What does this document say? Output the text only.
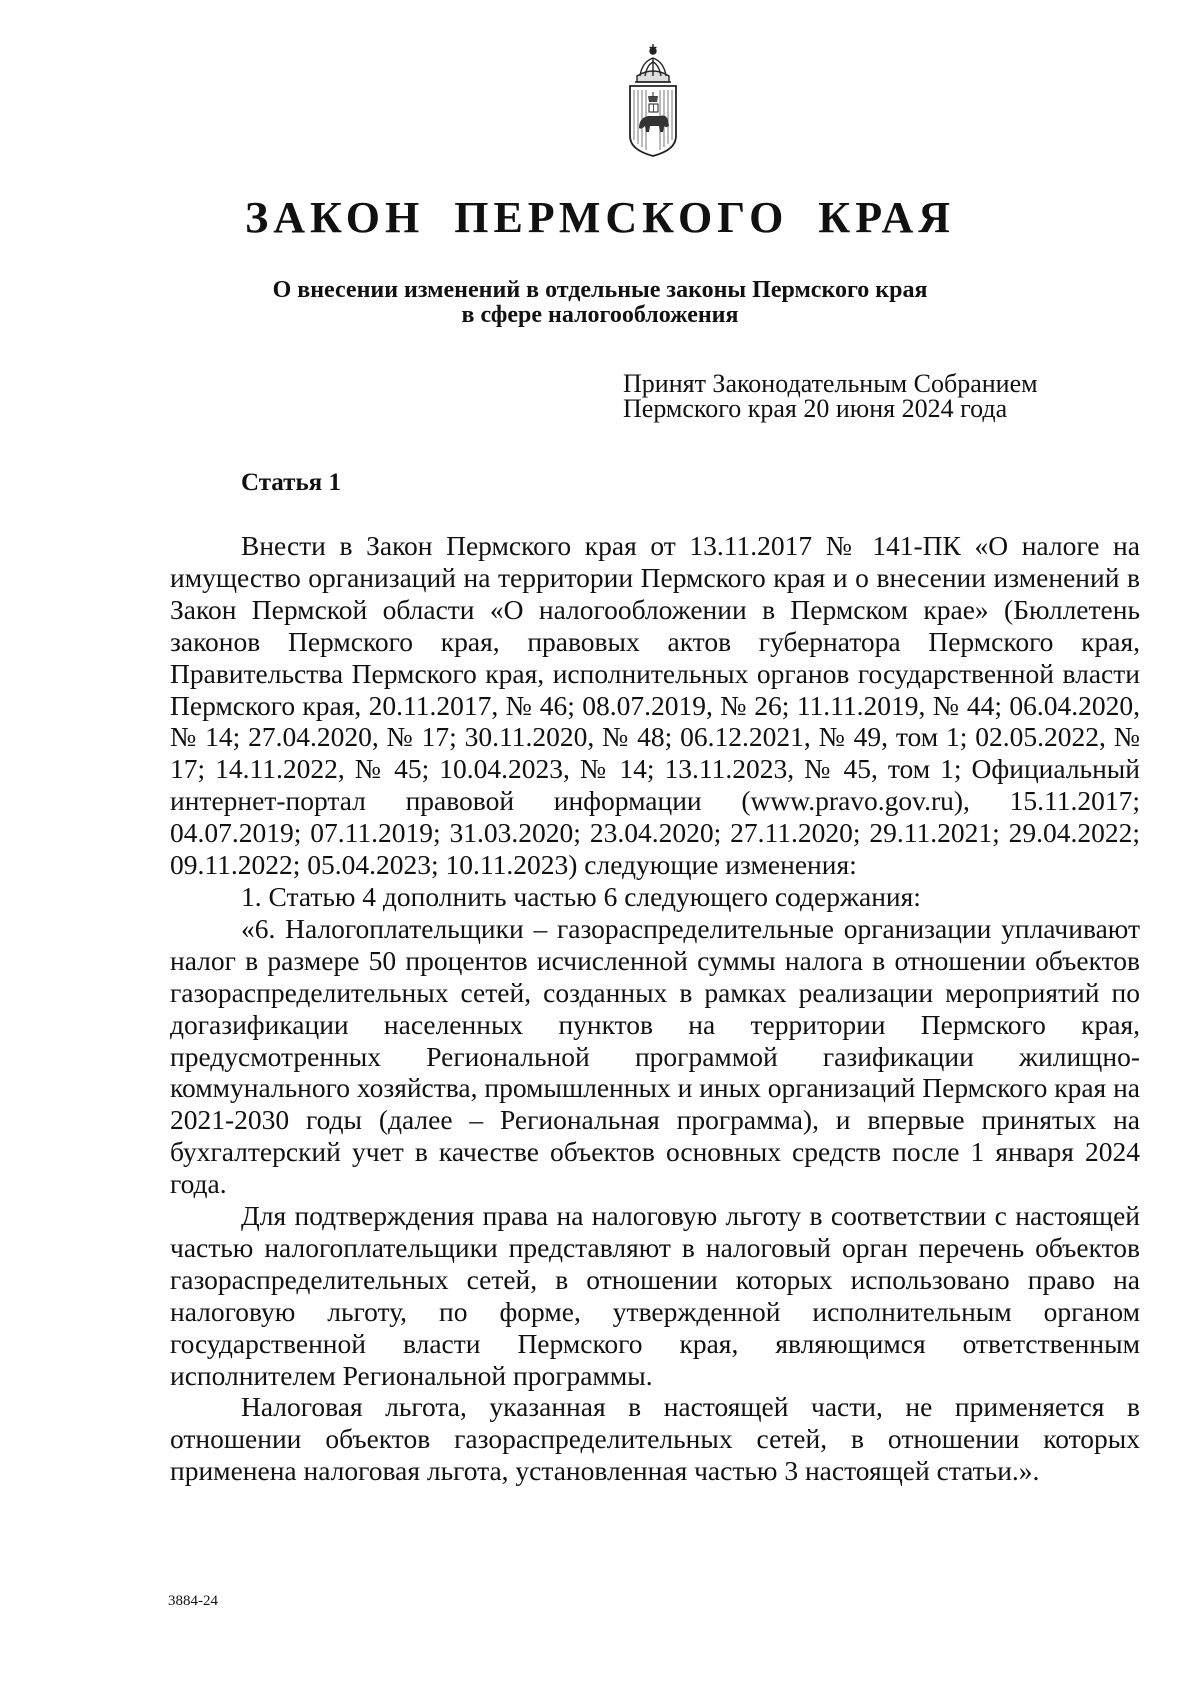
ЗАКОН ПЕРМСКОГО КРАЯ
О внесении изменений в отдельные законы Пермского края
в сфере налогообложения
Принят Законодательным Собранием
Пермского края 20 июня 2024 года
Статья 1

Внести в Закон Пермского края от 13.11.2017 № 141-ПК «О налоге на имущество организаций на территории Пермского края и о внесении изменений в Закон Пермской области «О налогообложении в Пермском крае» (Бюллетень законов Пермского края, правовых актов губернатора Пермского края, Правительства Пермского края, исполнительных органов государственной власти Пермского края, 20.11.2017, № 46; 08.07.2019, № 26; 11.11.2019, № 44; 06.04.2020, № 14; 27.04.2020, № 17; 30.11.2020, № 48; 06.12.2021, № 49, том 1; 02.05.2022, № 17; 14.11.2022, № 45; 10.04.2023, № 14; 13.11.2023, № 45, том 1; Официальный интернет-портал правовой информации (www.pravo.gov.ru), 15.11.2017; 04.07.2019; 07.11.2019; 31.03.2020; 23.04.2020; 27.11.2020; 29.11.2021; 29.04.2022; 09.11.2022; 05.04.2023; 10.11.2023) следующие изменения:

1. Статью 4 дополнить частью 6 следующего содержания:

«6. Налогоплательщики – газораспределительные организации уплачивают налог в размере 50 процентов исчисленной суммы налога в отношении объектов газораспределительных сетей, созданных в рамках реализации мероприятий по догазификации населенных пунктов на территории Пермского края, предусмотренных Региональной программой газификации жилищно-коммунального хозяйства, промышленных и иных организаций Пермского края на 2021-2030 годы (далее – Региональная программа), и впервые принятых на бухгалтерский учет в качестве объектов основных средств после 1 января 2024 года.

Для подтверждения права на налоговую льготу в соответствии с настоящей частью налогоплательщики представляют в налоговый орган перечень объектов газораспределительных сетей, в отношении которых использовано право на налоговую льготу, по форме, утвержденной исполнительным органом государственной власти Пермского края, являющимся ответственным исполнителем Региональной программы.

Налоговая льгота, указанная в настоящей части, не применяется в отношении объектов газораспределительных сетей, в отношении которых применена налоговая льгота, установленная частью 3 настоящей статьи.».

3884-24
